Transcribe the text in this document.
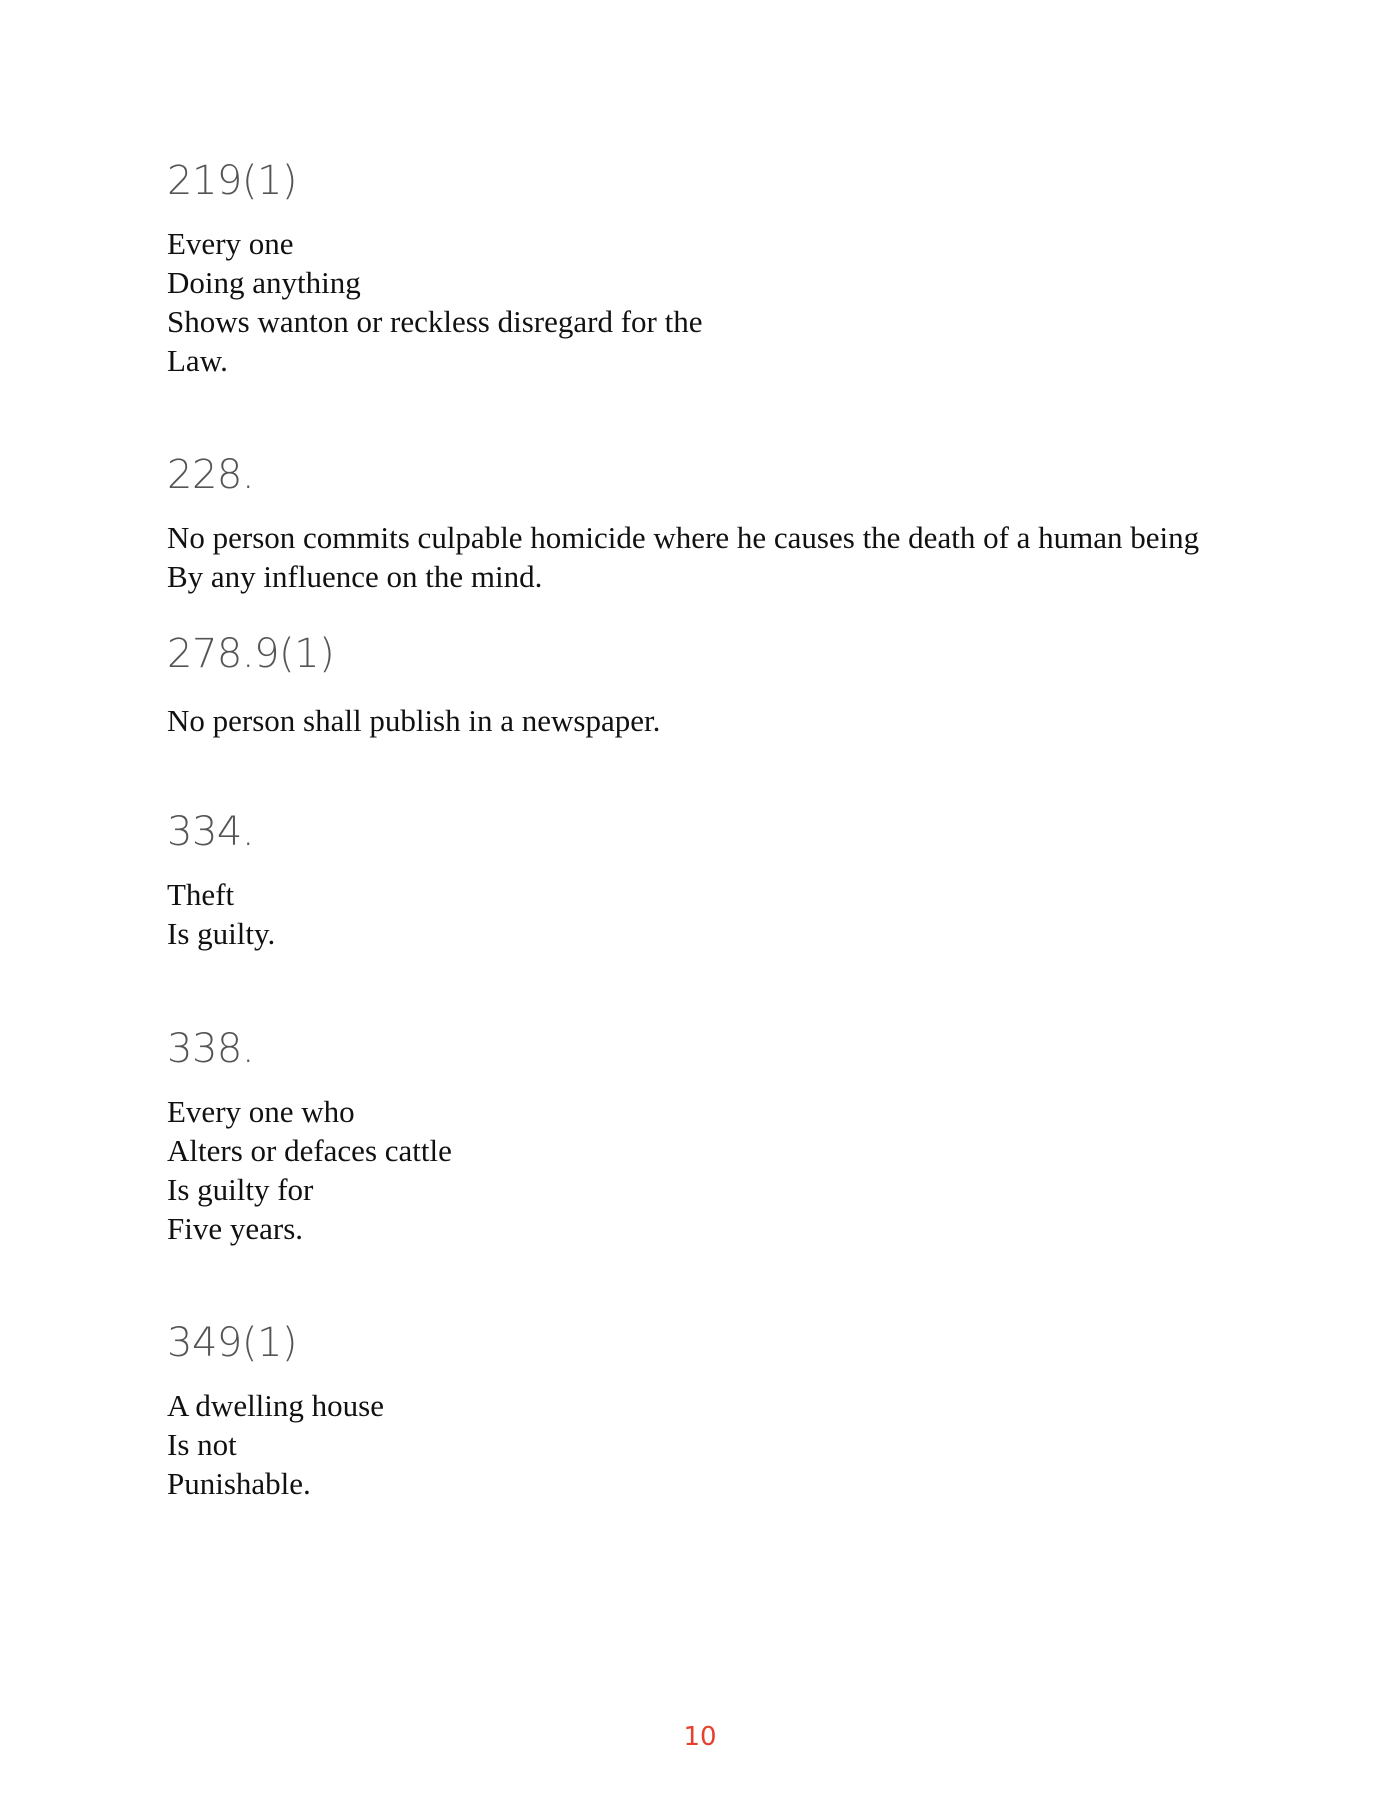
219(1)

Every one
Doing anything
Shows wanton or reckless disregard for the
Law.

228.

No person commits culpable homicide where he causes the death of a human being
By any influence on the mind.

278.9(1)

No person shall publish in a newspaper.

334.

Theft
Is guilty.

338.

Every one who
Alters or defaces cattle
Is guilty for
Five years.

349(1)

A dwelling house
Is not
Punishable.

10
